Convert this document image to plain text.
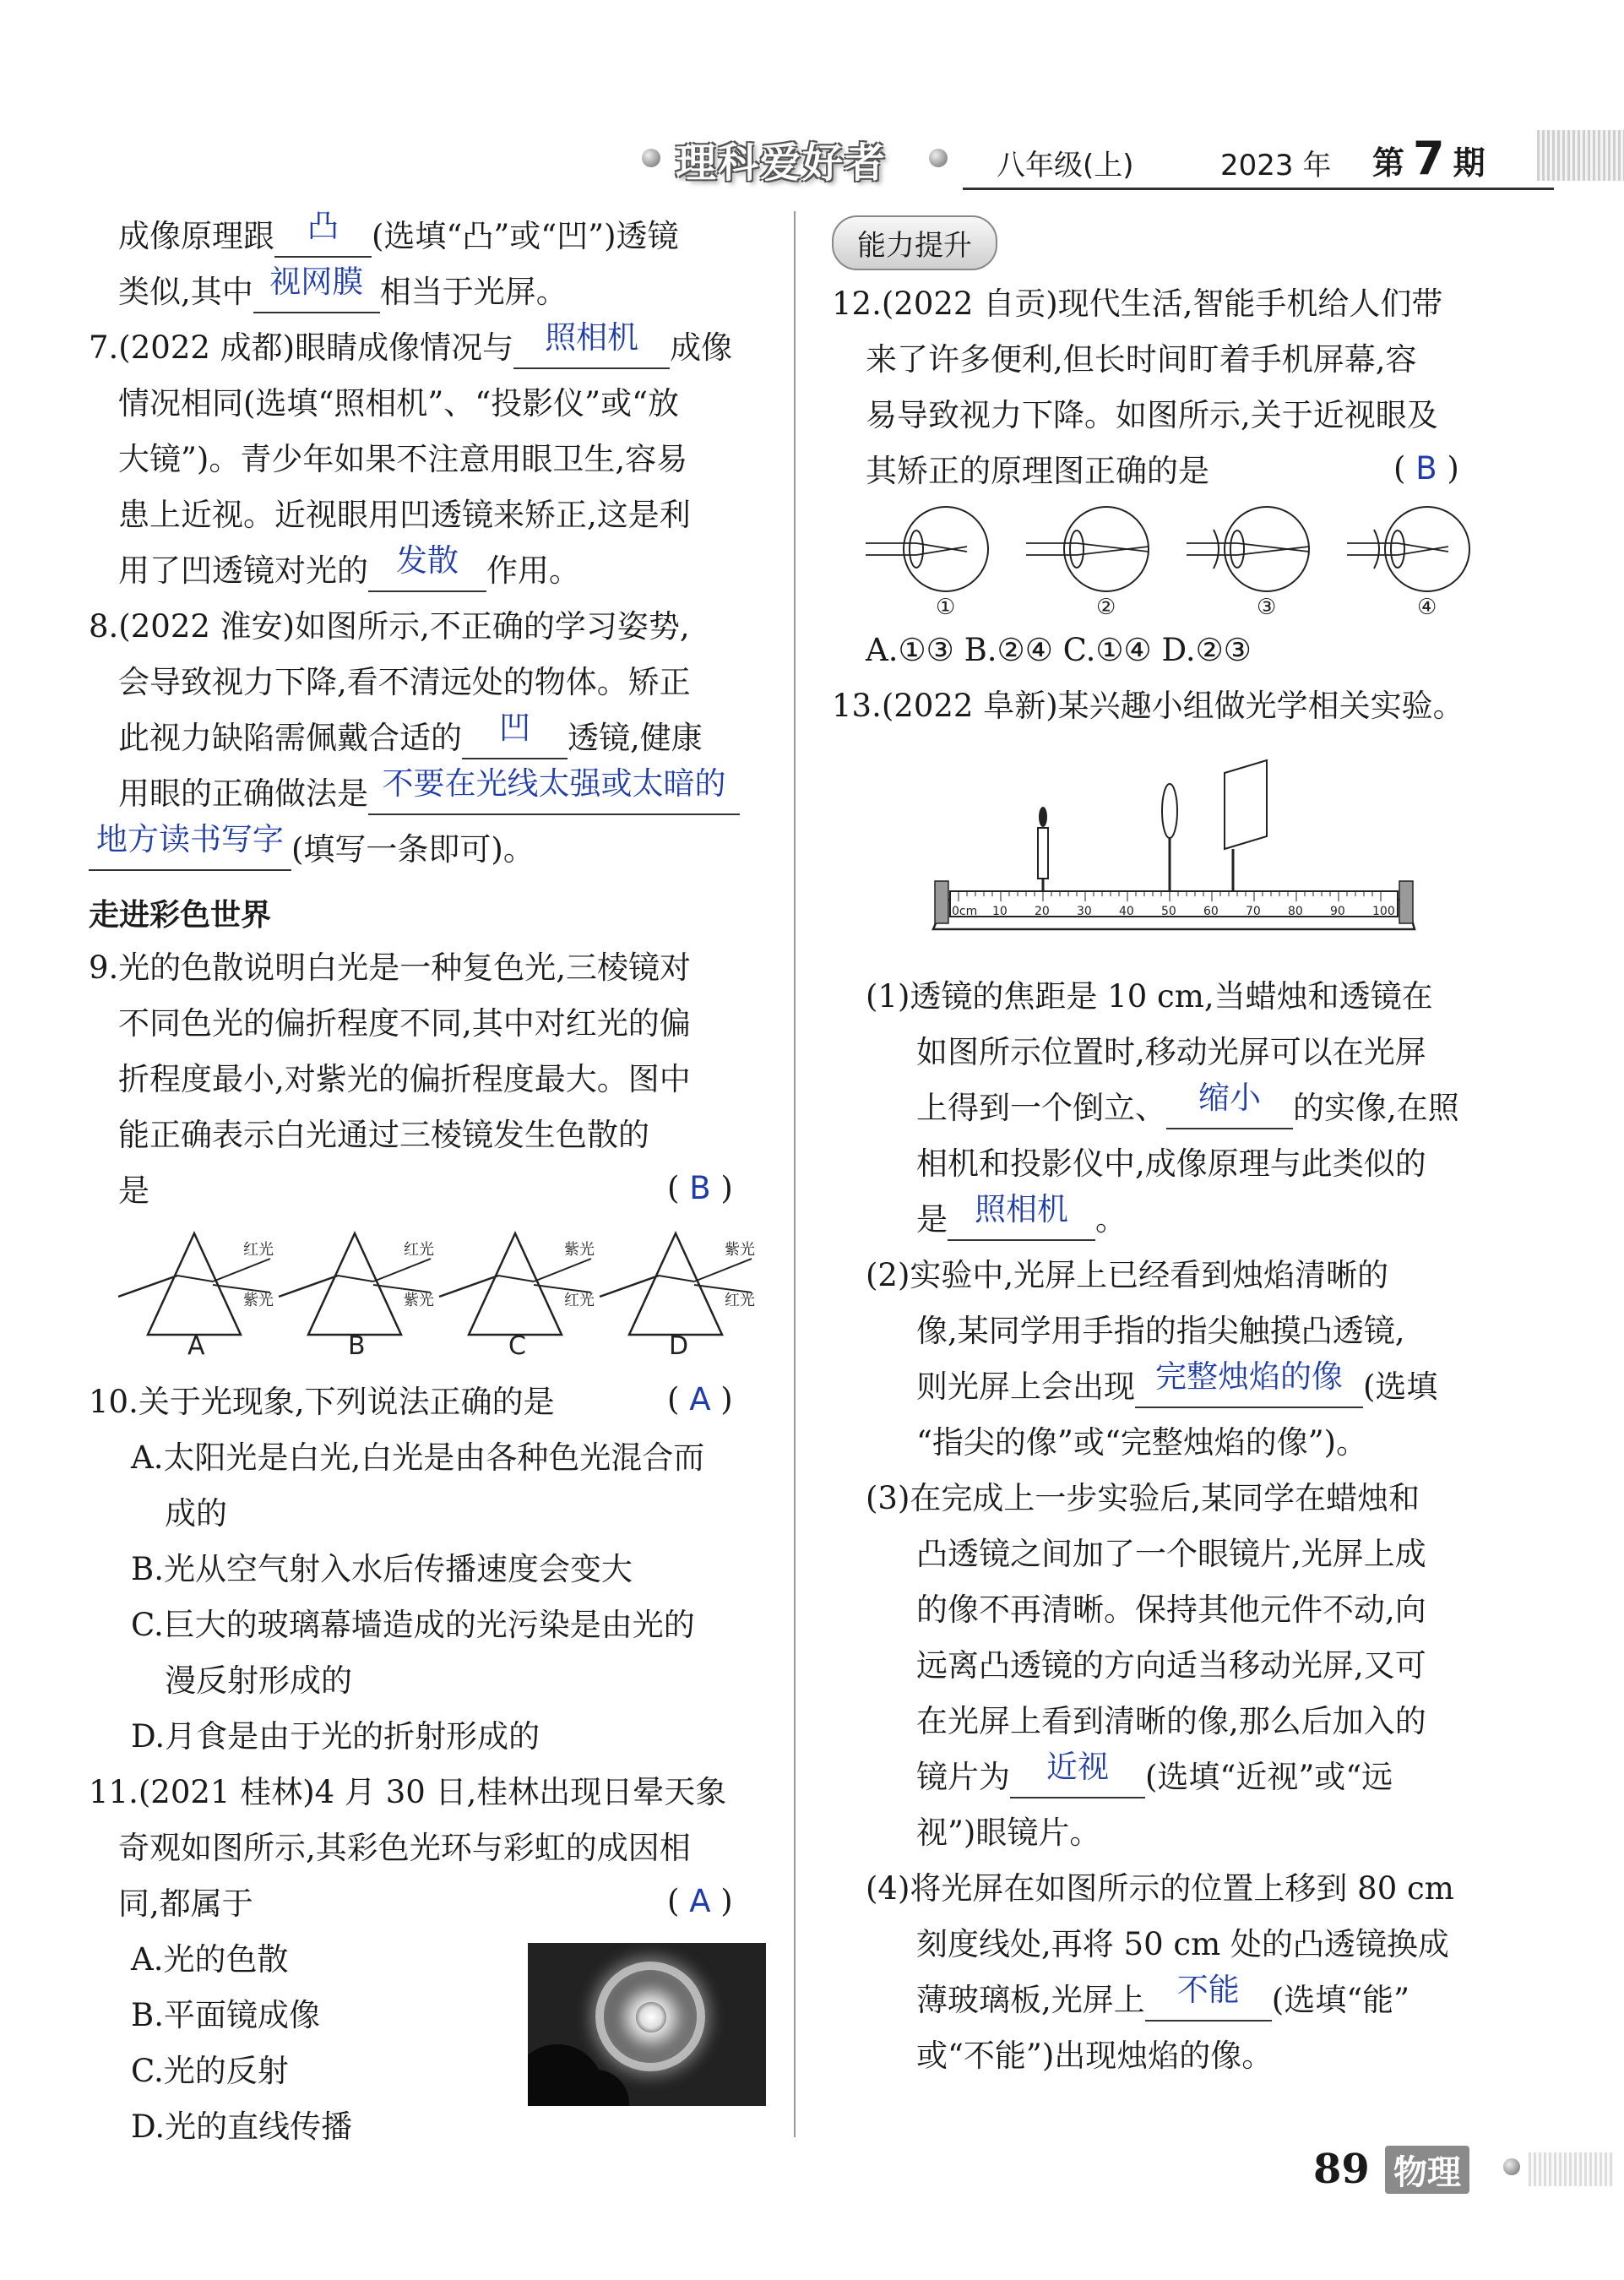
理科爱好者	八年级(上)	2023 年 第 7 期
成像原理跟 凸 (选填“凸”或“凹”)透镜
类似,其中 视网膜 相当于光屏。
7.(2022 成都)眼睛成像情况与 照相机 成像
情况相同(选填“照相机”、“投影仪”或“放
大镜”)。青少年如果不注意用眼卫生,容易
患上近视。近视眼用凹透镜来矫正,这是利
用了凹透镜对光的 发散 作用。
8.(2022 淮安)如图所示,不正确的学习姿势,
会导致视力下降,看不清远处的物体。矫正
此视力缺陷需佩戴合适的 凹 透镜,健康
用眼的正确做法是 不要在光线太强或太暗的
地方读书写字 (填写一条即可)。
走进彩色世界
9.光的色散说明白光是一种复色光,三棱镜对
不同色光的偏折程度不同,其中对红光的偏
折程度最小,对紫光的偏折程度最大。图中
能正确表示白光通过三棱镜发生色散的
是	( B )
红光
紫光
A
红光
紫光
B
紫光
红光
C
紫光
红光
D
10.关于光现象,下列说法正确的是	( A )
A.太阳光是白光,白光是由各种色光混合而
成的
B.光从空气射入水后传播速度会变大
C.巨大的玻璃幕墙造成的光污染是由光的
漫反射形成的
D.月食是由于光的折射形成的
11.(2021 桂林)4 月 30 日,桂林出现日晕天象
奇观如图所示,其彩色光环与彩虹的成因相
同,都属于	( A )
A.光的色散
B.平面镜成像
C.光的反射
D.光的直线传播
能力提升
12.(2022 自贡)现代生活,智能手机给人们带
来了许多便利,但长时间盯着手机屏幕,容
易导致视力下降。如图所示,关于近视眼及
其矫正的原理图正确的是	( B )
①	②	③	④
A.①③ B.②④ C.①④ D.②③
13.(2022 阜新)某兴趣小组做光学相关实验。
0cm 10 20 30 40 50 60 70 80 90 100
(1)透镜的焦距是 10 cm,当蜡烛和透镜在
如图所示位置时,移动光屏可以在光屏
上得到一个倒立、 缩小 的实像,在照
相机和投影仪中,成像原理与此类似的
是 照相机 。
(2)实验中,光屏上已经看到烛焰清晰的
像,某同学用手指的指尖触摸凸透镜,
则光屏上会出现 完整烛焰的像 (选填
“指尖的像”或“完整烛焰的像”)。
(3)在完成上一步实验后,某同学在蜡烛和
凸透镜之间加了一个眼镜片,光屏上成
的像不再清晰。保持其他元件不动,向
远离凸透镜的方向适当移动光屏,又可
在光屏上看到清晰的像,那么后加入的
镜片为 近视 (选填“近视”或“远
视”)眼镜片。
(4)将光屏在如图所示的位置上移到 80 cm
刻度线处,再将 50 cm 处的凸透镜换成
薄玻璃板,光屏上 不能 (选填“能”
或“不能”)出现烛焰的像。
89 物理
